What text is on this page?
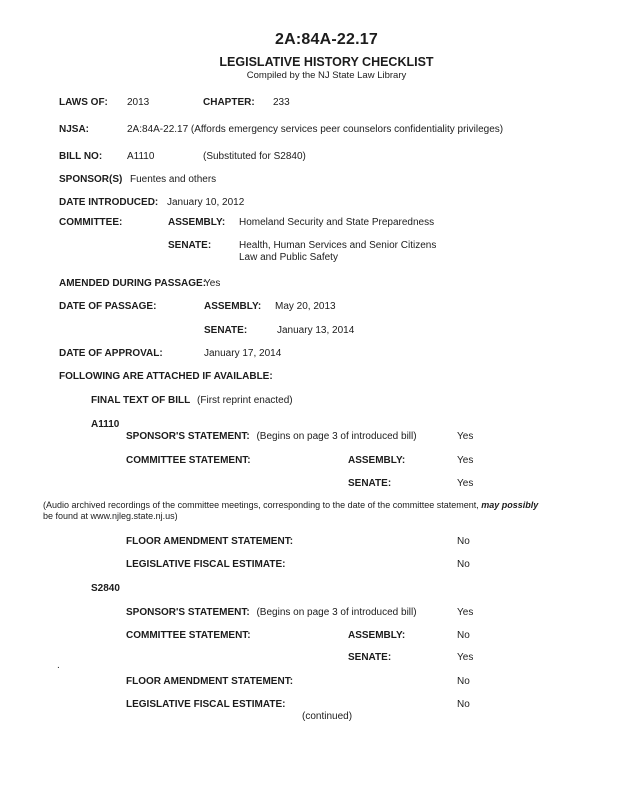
2A:84A-22.17
LEGISLATIVE HISTORY CHECKLIST
Compiled by the NJ State Law Library
LAWS OF: 2013	CHAPTER: 233
NJSA:	2A:84A-22.17 (Affords emergency services peer counselors confidentiality privileges)
BILL NO: A1110	(Substituted for S2840)
SPONSOR(S) Fuentes and others
DATE INTRODUCED: January 10, 2012
COMMITTEE:	ASSEMBLY: Homeland Security and State Preparedness
SENATE:	Health, Human Services and Senior Citizens
Law and Public Safety
AMENDED DURING PASSAGE:
Yes
DATE OF PASSAGE:	ASSEMBLY: May 20, 2013
SENATE:	January 13, 2014
DATE OF APPROVAL:	January 17, 2014
FOLLOWING ARE ATTACHED IF AVAILABLE:
FINAL TEXT OF BILL (First reprint enacted)
A1110
SPONSOR'S STATEMENT: (Begins on page 3 of introduced bill)	Yes
COMMITTEE STATEMENT:	ASSEMBLY:	Yes
SENATE:	Yes
(Audio archived recordings of the committee meetings, corresponding to the date of the committee statement, may possibly
be found at www.njleg.state.nj.us)
FLOOR AMENDMENT STATEMENT:	No
LEGISLATIVE FISCAL ESTIMATE:	No
S2840
SPONSOR'S STATEMENT: (Begins on page 3 of introduced bill)	Yes
COMMITTEE STATEMENT:	ASSEMBLY:	No
SENATE:	Yes
.
FLOOR AMENDMENT STATEMENT:	No
LEGISLATIVE FISCAL ESTIMATE:	No
(continued)
